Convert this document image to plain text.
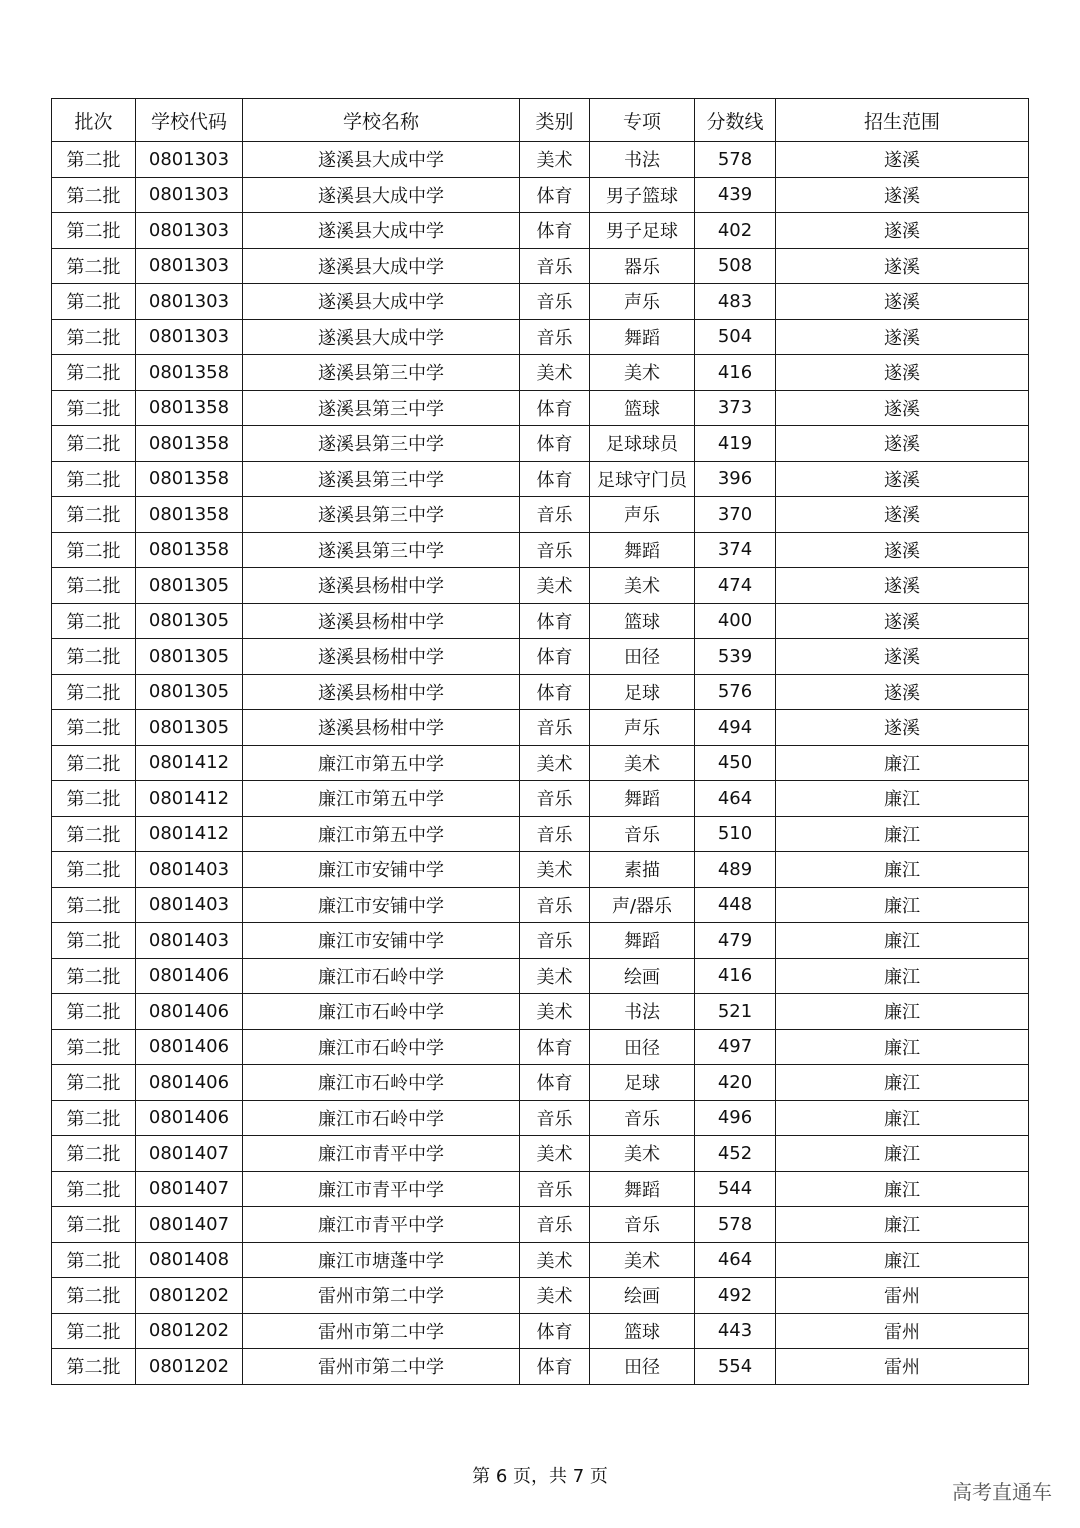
批次	学校代码	学校名称	类别	专项	分数线	招生范围
第二批	0801303	遂溪县大成中学	美术	书法	578	遂溪
第二批	0801303	遂溪县大成中学	体育	男子篮球	439	遂溪
第二批	0801303	遂溪县大成中学	体育	男子足球	402	遂溪
第二批	0801303	遂溪县大成中学	音乐	器乐	508	遂溪
第二批	0801303	遂溪县大成中学	音乐	声乐	483	遂溪
第二批	0801303	遂溪县大成中学	音乐	舞蹈	504	遂溪
第二批	0801358	遂溪县第三中学	美术	美术	416	遂溪
第二批	0801358	遂溪县第三中学	体育	篮球	373	遂溪
第二批	0801358	遂溪县第三中学	体育	足球球员	419	遂溪
第二批	0801358	遂溪县第三中学	体育	足球守门员	396	遂溪
第二批	0801358	遂溪县第三中学	音乐	声乐	370	遂溪
第二批	0801358	遂溪县第三中学	音乐	舞蹈	374	遂溪
第二批	0801305	遂溪县杨柑中学	美术	美术	474	遂溪
第二批	0801305	遂溪县杨柑中学	体育	篮球	400	遂溪
第二批	0801305	遂溪县杨柑中学	体育	田径	539	遂溪
第二批	0801305	遂溪县杨柑中学	体育	足球	576	遂溪
第二批	0801305	遂溪县杨柑中学	音乐	声乐	494	遂溪
第二批	0801412	廉江市第五中学	美术	美术	450	廉江
第二批	0801412	廉江市第五中学	音乐	舞蹈	464	廉江
第二批	0801412	廉江市第五中学	音乐	音乐	510	廉江
第二批	0801403	廉江市安铺中学	美术	素描	489	廉江
第二批	0801403	廉江市安铺中学	音乐	声/器乐	448	廉江
第二批	0801403	廉江市安铺中学	音乐	舞蹈	479	廉江
第二批	0801406	廉江市石岭中学	美术	绘画	416	廉江
第二批	0801406	廉江市石岭中学	美术	书法	521	廉江
第二批	0801406	廉江市石岭中学	体育	田径	497	廉江
第二批	0801406	廉江市石岭中学	体育	足球	420	廉江
第二批	0801406	廉江市石岭中学	音乐	音乐	496	廉江
第二批	0801407	廉江市青平中学	美术	美术	452	廉江
第二批	0801407	廉江市青平中学	音乐	舞蹈	544	廉江
第二批	0801407	廉江市青平中学	音乐	音乐	578	廉江
第二批	0801408	廉江市塘蓬中学	美术	美术	464	廉江
第二批	0801202	雷州市第二中学	美术	绘画	492	雷州
第二批	0801202	雷州市第二中学	体育	篮球	443	雷州
第二批	0801202	雷州市第二中学	体育	田径	554	雷州
第 6 页，共 7 页
高考直通车
